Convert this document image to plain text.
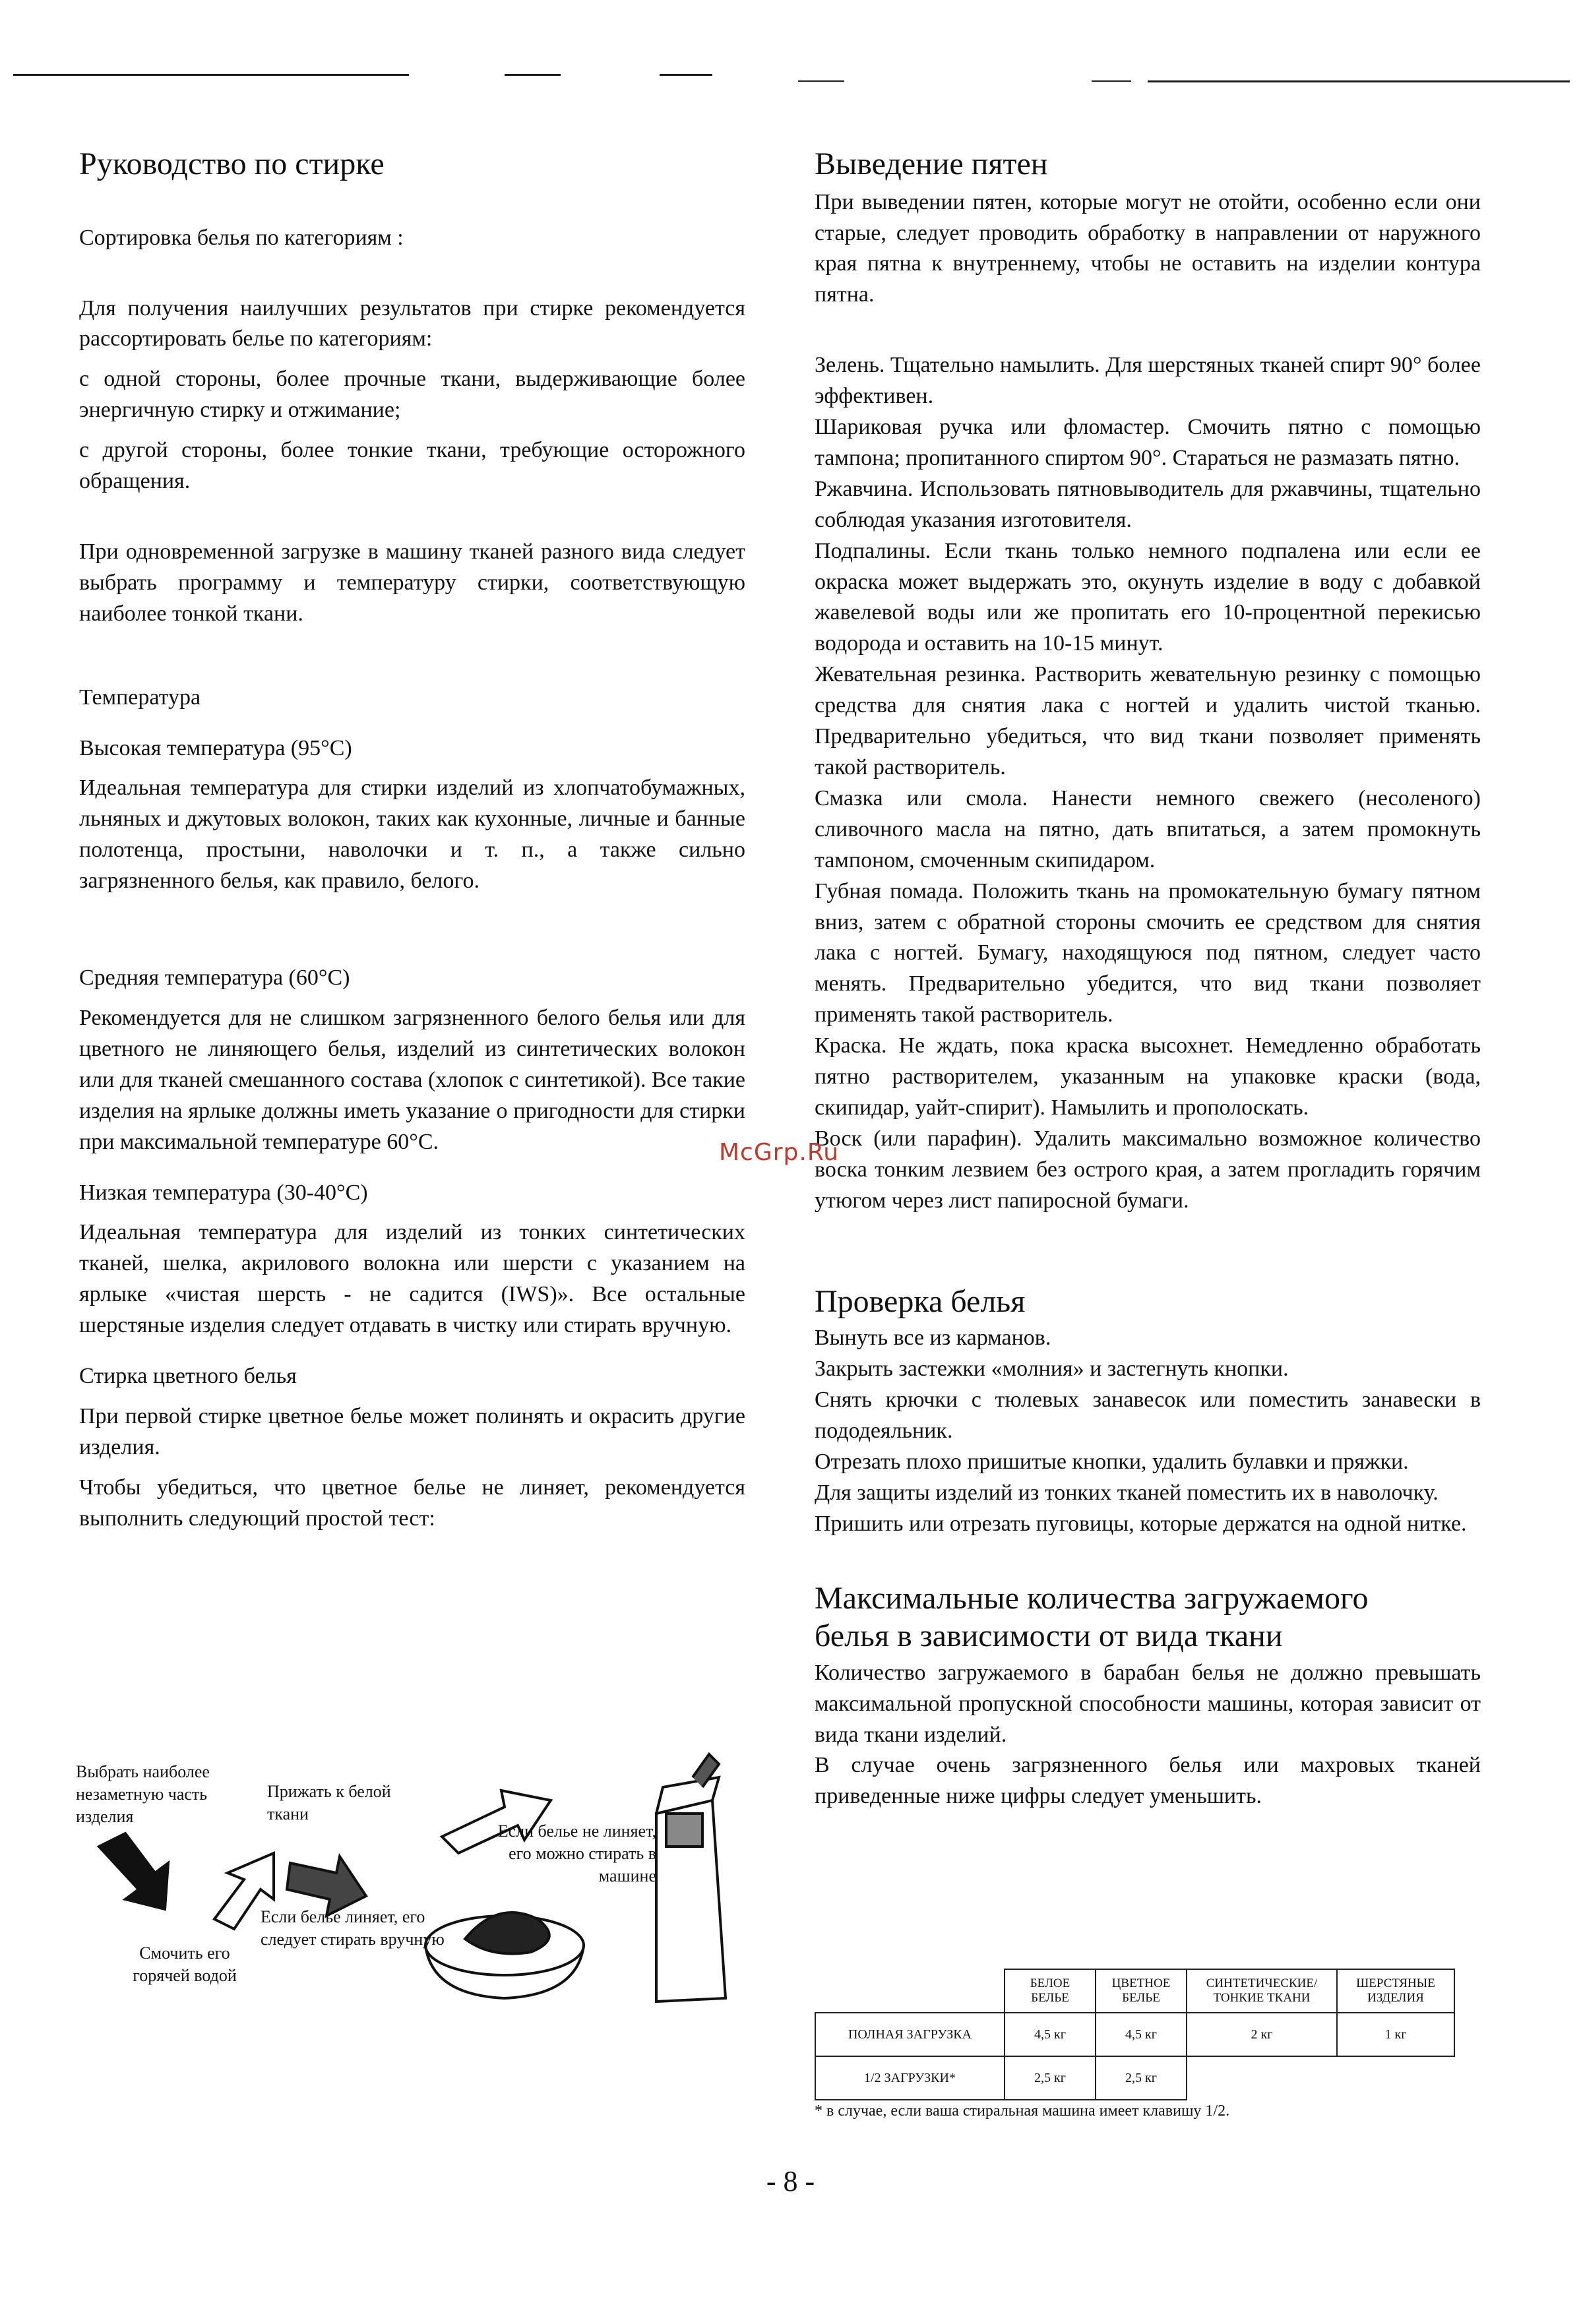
Руководство по стирке
Сортировка белья по категориям :

Для получения наилучших результатов при стирке рекомендуется рассортировать белье по категориям:

с одной стороны, более прочные ткани, выдерживающие более энергичную стирку и отжимание;

с другой стороны, более тонкие ткани, требующие осторожного обращения.

При одновременной загрузке в машину тканей разного вида следует выбрать программу и температуру стирки, соответствующую наиболее тонкой ткани.

Температура
Высокая температура (95°C)

Идеальная температура для стирки изделий из хлопчатобумажных, льняных и джутовых волокон, таких как кухонные, личные и банные полотенца, простыни, наволочки и т. п., а также сильно загрязненного белья, как правило, белого.

Средняя температура (60°C)

Рекомендуется для не слишком загрязненного белого белья или для цветного не линяющего белья, изделий из синтетических волокон или для тканей смешанного состава (хлопок с синтетикой). Все такие изделия на ярлыке должны иметь указание о пригодности для стирки при максимальной температуре 60°C.

Низкая температура (30-40°C)

Идеальная температура для изделий из тонких синтетических тканей, шелка, акрилового волокна или шерсти с указанием на ярлыке «чистая шерсть - не садится (IWS)». Все остальные шерстяные изделия следует отдавать в чистку или стирать вручную.

Стирка цветного белья

При первой стирке цветное белье может полинять и окрасить другие изделия.

Чтобы убедиться, что цветное белье не линяет, рекомендуется выполнить следующий простой тест:

Выбрать наиболее незаметную часть изделия
Прижать к белой ткани
Если белье не линяет, его можно стирать в машине
Если белье линяет, его следует стирать вручную
Смочить его горячей водой
Выведение пятен

При выведении пятен, которые могут не отойти, особенно если они старые, следует проводить обработку в направлении от наружного края пятна к внутреннему, чтобы не оставить на изделии контура пятна.

Зелень. Тщательно намылить. Для шерстяных тканей спирт 90° более эффективен.

Шариковая ручка или фломастер. Смочить пятно с помощью тампона; пропитанного спиртом 90°. Стараться не размазать пятно.

Ржавчина. Использовать пятновыводитель для ржавчины, тщательно соблюдая указания изготовителя.

Подпалины. Если ткань только немного подпалена или если ее окраска может выдержать это, окунуть изделие в воду с добавкой жавелевой воды или же пропитать его 10-процентной перекисью водорода и оставить на 10-15 минут.

Жевательная резинка. Растворить жевательную резинку с помощью средства для снятия лака с ногтей и удалить чистой тканью. Предварительно убедиться, что вид ткани позволяет применять такой растворитель.

Смазка или смола. Нанести немного свежего (несоленого) сливочного масла на пятно, дать впитаться, а затем промокнуть тампоном, смоченным скипидаром.

Губная помада. Положить ткань на промокательную бумагу пятном вниз, затем с обратной стороны смочить ее средством для снятия лака с ногтей. Бумагу, находящуюся под пятном, следует часто менять. Предварительно убедится, что вид ткани позволяет применять такой растворитель.

Краска. Не ждать, пока краска высохнет. Немедленно обработать пятно растворителем, указанным на упаковке краски (вода, скипидар, уайт-спирит). Намылить и прополоскать.

Воск (или парафин). Удалить максимально возможное количество воска тонким лезвием без острого края, а затем прогладить горячим утюгом через лист папиросной бумаги.

Проверка белья

Вынуть все из карманов.

Закрыть застежки «молния» и застегнуть кнопки.

Снять крючки с тюлевых занавесок или поместить занавески в пододеяльник.

Отрезать плохо пришитые кнопки, удалить булавки и пряжки.

Для защиты изделий из тонких тканей поместить их в наволочку.

Пришить или отрезать пуговицы, которые держатся на одной нитке.

Максимальные количества загружаемого
белья в зависимости от вида ткани

Количество загружаемого в барабан белья не должно превышать максимальной пропускной способности машины, которая зависит от вида ткани изделий.

В случае очень загрязненного белья или махровых тканей приведенные ниже цифры следует уменьшить.

	БЕЛОЕ БЕЛЬЕ	ЦВЕТНОЕ БЕЛЬЕ	СИНТЕТИЧЕСКИЕ/ ТОНКИЕ ТКАНИ	ШЕРСТЯНЫЕ ИЗДЕЛИЯ
ПОЛНАЯ ЗАГРУЗКА	4,5 кг	4,5 кг	2 кг	1 кг
1/2 ЗАГРУЗКИ*	2,5 кг	2,5 кг		
* в случае, если ваша стиральная машина имеет клавишу 1/2.
McGrp.Ru
- 8 -
